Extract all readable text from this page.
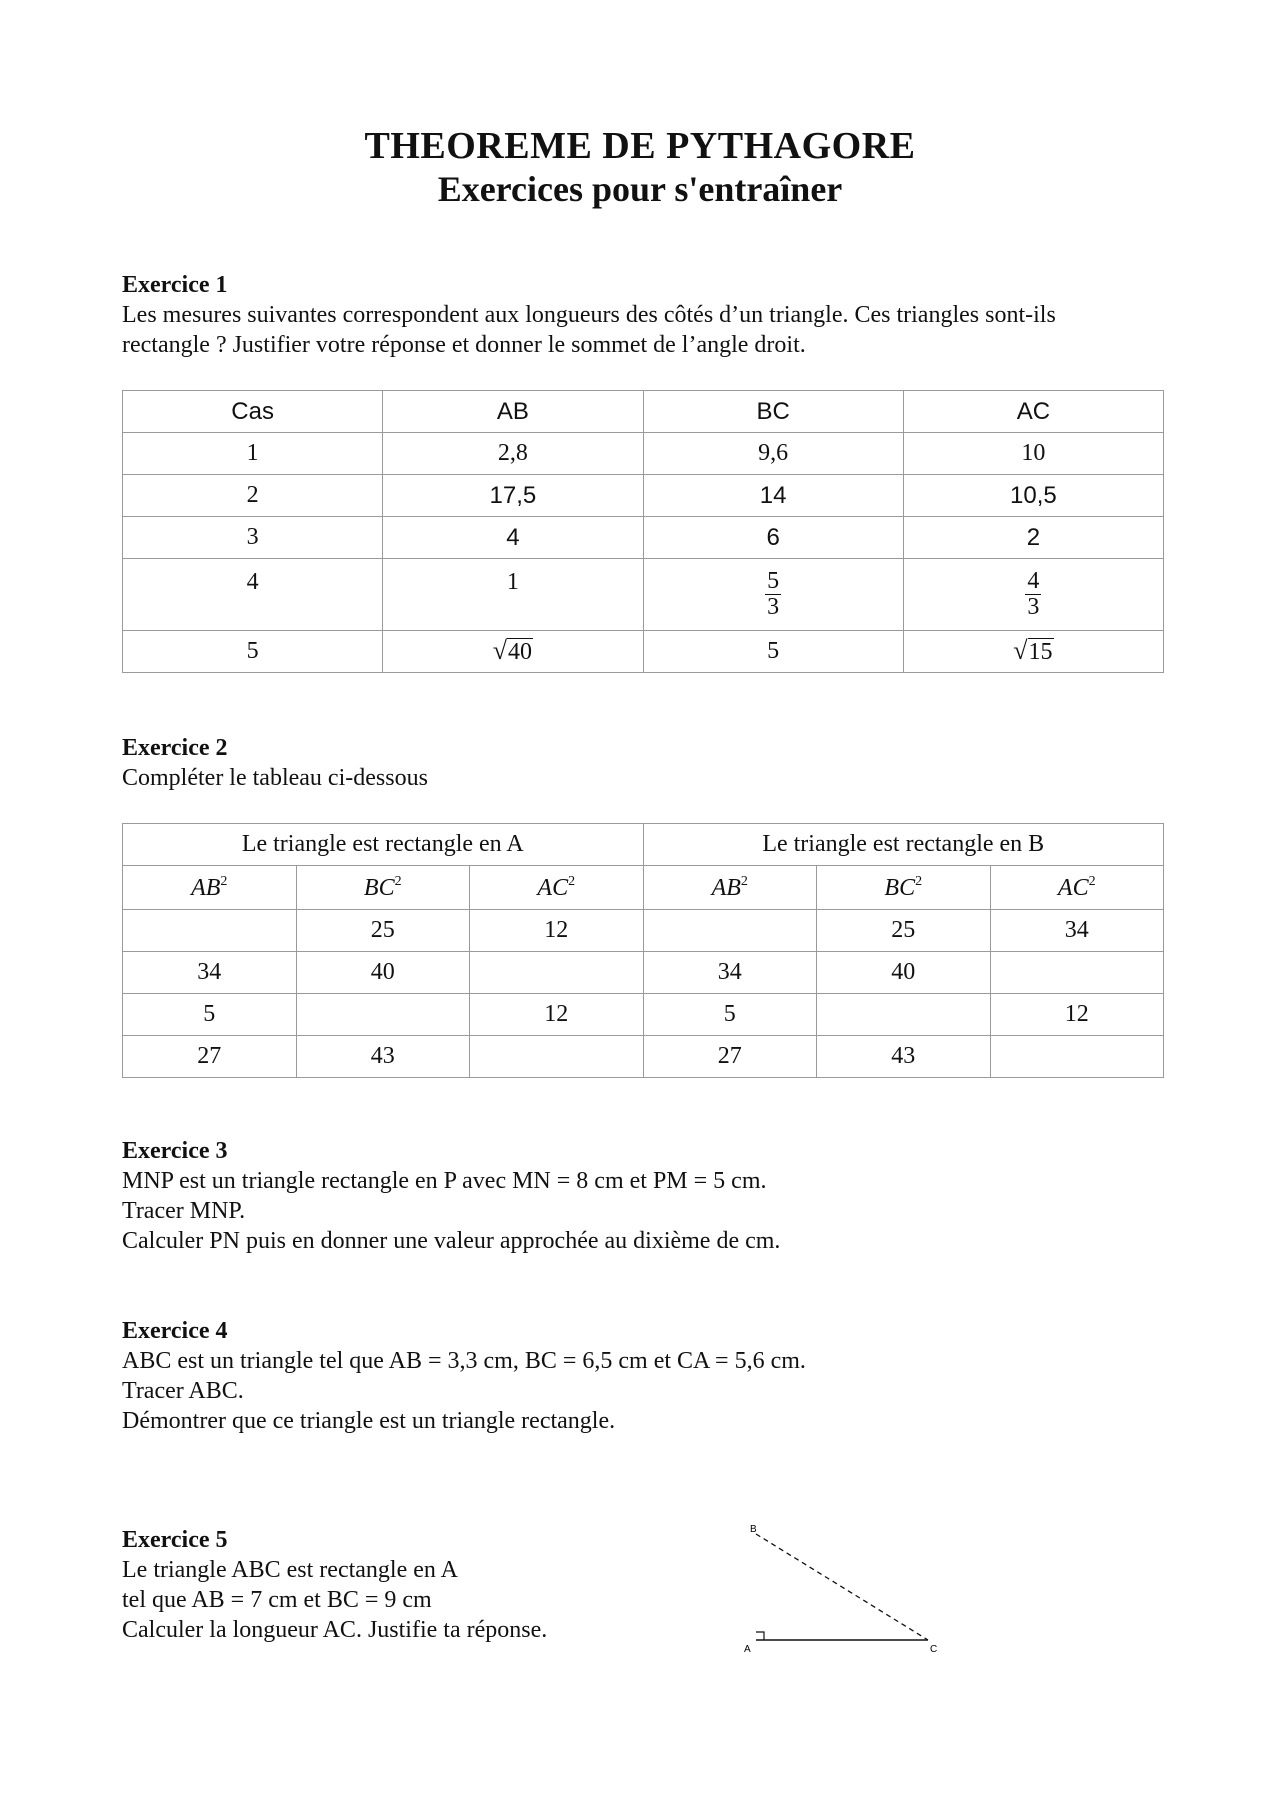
THEOREME DE PYTHAGORE
Exercices pour s'entraîner
Exercice 1
Les mesures suivantes correspondent aux longueurs des côtés d’un triangle. Ces triangles sont-ils
rectangle ? Justifier votre réponse et donner le sommet de l’angle droit.
Cas	AB	BC	AC
1	2,8	9,6	10
2	17,5	14	10,5
3	4	6	2
4	1	$\frac{5}{3}$	$\frac{4}{3}$

5	√ 40	5	√ 15
Exercice 2
Compléter le tableau ci-dessous
Le triangle est rectangle en A			Le triangle est rectangle en B		
$AB^2$	$BC^2$	$AC^2$	$AB^2$	$BC^2$	$AC^2$
	25	12		25	34
34	40		34	40	
5		12	5		12
27	43		27	43	
Exercice 3
MNP est un triangle rectangle en P avec MN = 8 cm et PM = 5 cm.
Tracer MNP.
Calculer PN puis en donner une valeur approchée au dixième de cm.
Exercice 4
ABC est un triangle tel que AB = 3,3 cm, BC = 6,5 cm et CA = 5,6 cm.
Tracer ABC.
Démontrer que ce triangle est un triangle rectangle.
Exercice 5
Le triangle ABC est rectangle en A
tel que AB = 7 cm et BC = 9 cm
Calculer la longueur AC. Justifie ta réponse.
B
A	C
